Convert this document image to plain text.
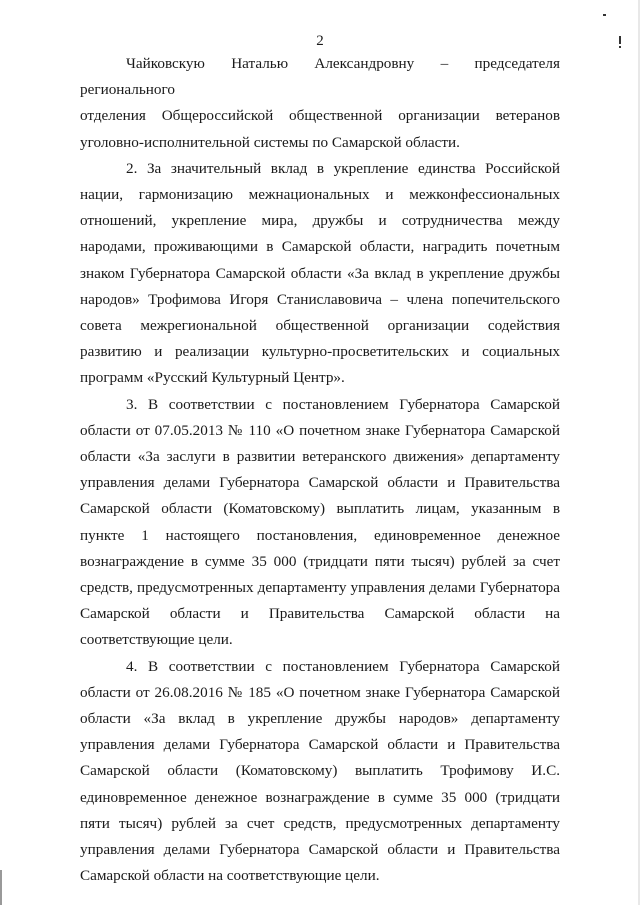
2

Чайковскую Наталью Александровну – председателя регионального

отделения Общероссийской общественной организации ветеранов уголовно-исполнительной системы по Самарской области.

2. За значительный вклад в укрепление единства Российской нации, гармонизацию межнациональных и межконфессиональных отношений, укрепление мира, дружбы и сотрудничества между народами, проживающими в Самарской области, наградить почетным знаком Губернатора Самарской области «За вклад в укрепление дружбы народов» Трофимова Игоря Станиславовича – члена попечительского совета межрегиональной общественной организации содействия развитию и реализации культурно-просветительских и социальных программ «Русский Культурный Центр».

3. В соответствии с постановлением Губернатора Самарской области от 07.05.2013 № 110 «О почетном знаке Губернатора Самарской области «За заслуги в развитии ветеранского движения» департаменту управления делами Губернатора Самарской области и Правительства Самарской области (Коматовскому) выплатить лицам, указанным в пункте 1 настоящего постановления, единовременное денежное вознаграждение в сумме 35 000 (тридцати пяти тысяч) рублей за счет средств, предусмотренных департаменту управления делами Губернатора Самарской области и Правительства Самарской области на соответствующие цели.

4. В соответствии с постановлением Губернатора Самарской области от 26.08.2016 № 185 «О почетном знаке Губернатора Самарской области «За вклад в укрепление дружбы народов» департаменту управления делами Губернатора Самарской области и Правительства Самарской области (Коматовскому) выплатить Трофимову И.С. единовременное денежное вознаграждение в сумме 35 000 (тридцати пяти тысяч) рублей за счет средств, предусмотренных департаменту управления делами Губернатора Самарской области и Правительства Самарской области на соответствующие цели.
